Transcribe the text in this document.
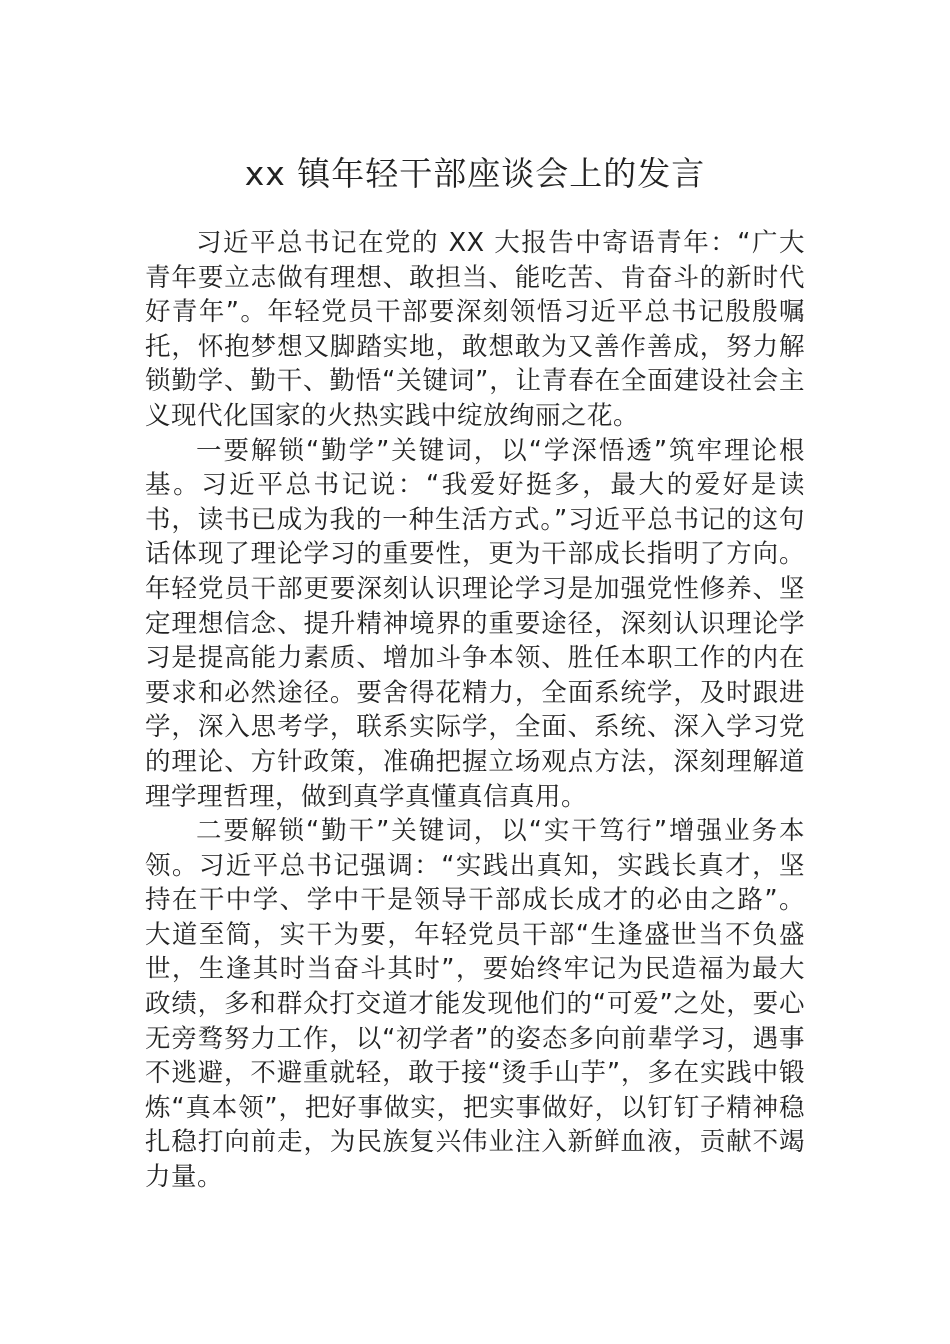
xx 镇年轻干部座谈会上的发言

习近平总书记在党的 XX 大报告中寄语青年：“广大青年要立志做有理想、敢担当、能吃苦、肯奋斗的新时代好青年”。年轻党员干部要深刻领悟习近平总书记殷殷嘱托，怀抱梦想又脚踏实地，敢想敢为又善作善成，努力解锁勤学、勤干、勤悟“关键词”，让青春在全面建设社会主义现代化国家的火热实践中绽放绚丽之花。

一要解锁“勤学”关键词，以“学深悟透”筑牢理论根基。习近平总书记说：“我爱好挺多，最大的爱好是读书，读书已成为我的一种生活方式。”习近平总书记的这句话体现了理论学习的重要性，更为干部成长指明了方向。年轻党员干部更要深刻认识理论学习是加强党性修养、坚定理想信念、提升精神境界的重要途径，深刻认识理论学习是提高能力素质、增加斗争本领、胜任本职工作的内在要求和必然途径。要舍得花精力，全面系统学，及时跟进学，深入思考学，联系实际学，全面、系统、深入学习党的理论、方针政策，准确把握立场观点方法，深刻理解道理学理哲理，做到真学真懂真信真用。

二要解锁“勤干”关键词，以“实干笃行”增强业务本领。习近平总书记强调：“实践出真知，实践长真才，坚持在干中学、学中干是领导干部成长成才的必由之路”。大道至简，实干为要，年轻党员干部“生逢盛世当不负盛世，生逢其时当奋斗其时”，要始终牢记为民造福为最大政绩，多和群众打交道才能发现他们的“可爱”之处，要心无旁骛努力工作，以“初学者”的姿态多向前辈学习，遇事不逃避，不避重就轻，敢于接“烫手山芋”，多在实践中锻炼“真本领”，把好事做实，把实事做好，以钉钉子精神稳扎稳打向前走，为民族复兴伟业注入新鲜血液，贡献不竭力量。
